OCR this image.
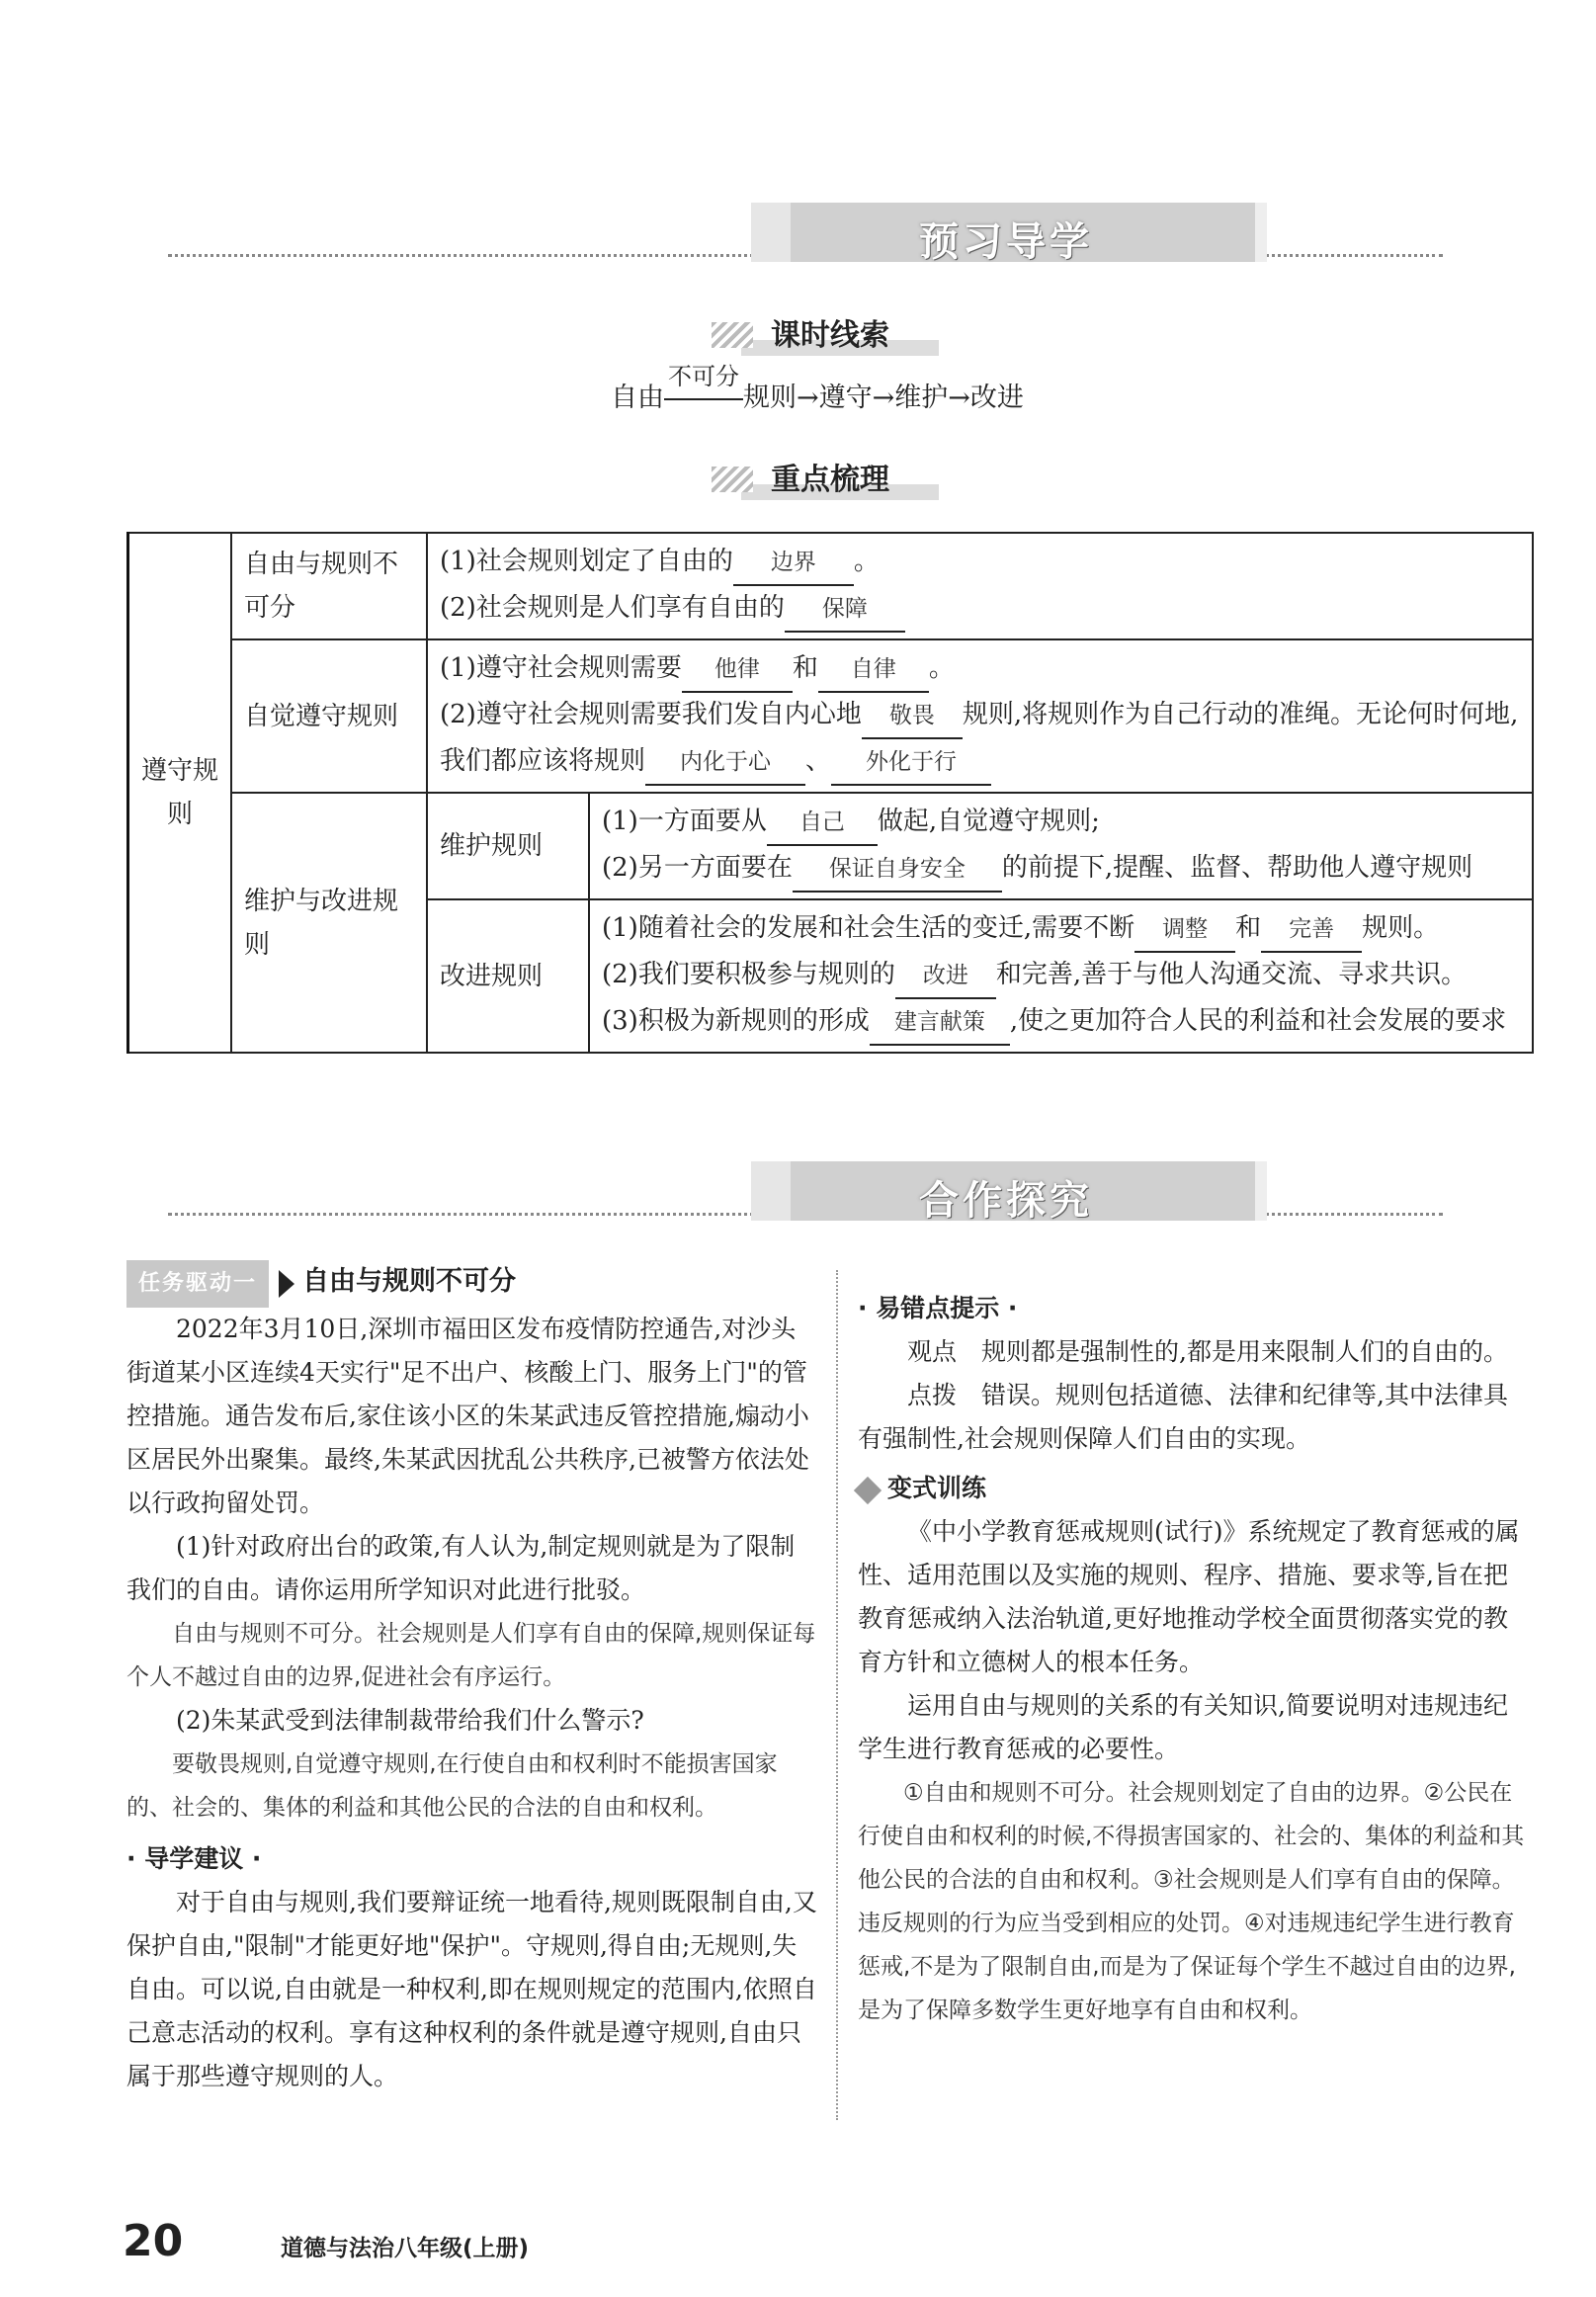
预习导学
课时线索
自由
不可分
规则→遵守→维护→改进
重点梳理
遵守规则	自由与规则不可分	(1)社会规则划定了自由的 边界 。
(2)社会规则是人们享有自由的 保障	
	自觉遵守规则	(1)遵守社会规则需要 他律 和 自律 。
(2)遵守社会规则需要我们发自内心地 敬畏 规则,将规则作为自己行动的准绳。无论何时何地,我们都应该将规则 内化于心 、 外化于行	
	维护与改进规则	维护规则	(1)一方面要从 自己 做起,自觉遵守规则;
(2)另一方面要在 保证自身安全 的前提下,提醒、监督、帮助他人遵守规则
		改进规则	(1)随着社会的发展和社会生活的变迁,需要不断 调整 和 完善 规则。
(2)我们要积极参与规则的 改进 和完善,善于与他人沟通交流、寻求共识。
(3)积极为新规则的形成 建言献策 ,使之更加符合人民的利益和社会发展的要求
合作探究

任务驱动一 自由与规则不可分

2022年3月10日,深圳市福田区发布疫情防控通告,对沙头街道某小区连续4天实行"足不出户、核酸上门、服务上门"的管控措施。通告发布后,家住该小区的朱某武违反管控措施,煽动小区居民外出聚集。最终,朱某武因扰乱公共秩序,已被警方依法处以行政拘留处罚。

(1)针对政府出台的政策,有人认为,制定规则就是为了限制我们的自由。请你运用所学知识对此进行批驳。

自由与规则不可分。社会规则是人们享有自由的保障,规则保证每个人不越过自由的边界,促进社会有序运行。

(2)朱某武受到法律制裁带给我们什么警示?

要敬畏规则,自觉遵守规则,在行使自由和权利时不能损害国家的、社会的、集体的利益和其他公民的合法的自由和权利。

· 导学建议 ·

对于自由与规则,我们要辩证统一地看待,规则既限制自由,又保护自由,"限制"才能更好地"保护"。守规则,得自由;无规则,失自由。可以说,自由就是一种权利,即在规则规定的范围内,依照自己意志活动的权利。享有这种权利的条件就是遵守规则,自由只属于那些遵守规则的人。

· 易错点提示 ·

观点　规则都是强制性的,都是用来限制人们的自由的。

点拨　错误。规则包括道德、法律和纪律等,其中法律具有强制性,社会规则保障人们自由的实现。

变式训练

《中小学教育惩戒规则(试行)》系统规定了教育惩戒的属性、适用范围以及实施的规则、程序、措施、要求等,旨在把教育惩戒纳入法治轨道,更好地推动学校全面贯彻落实党的教育方针和立德树人的根本任务。

运用自由与规则的关系的有关知识,简要说明对违规违纪学生进行教育惩戒的必要性。

①自由和规则不可分。社会规则划定了自由的边界。②公民在行使自由和权利的时候,不得损害国家的、社会的、集体的利益和其他公民的合法的自由和权利。③社会规则是人们享有自由的保障。违反规则的行为应当受到相应的处罚。④对违规违纪学生进行教育惩戒,不是为了限制自由,而是为了保证每个学生不越过自由的边界,是为了保障多数学生更好地享有自由和权利。

20	道德与法治八年级(上册)
